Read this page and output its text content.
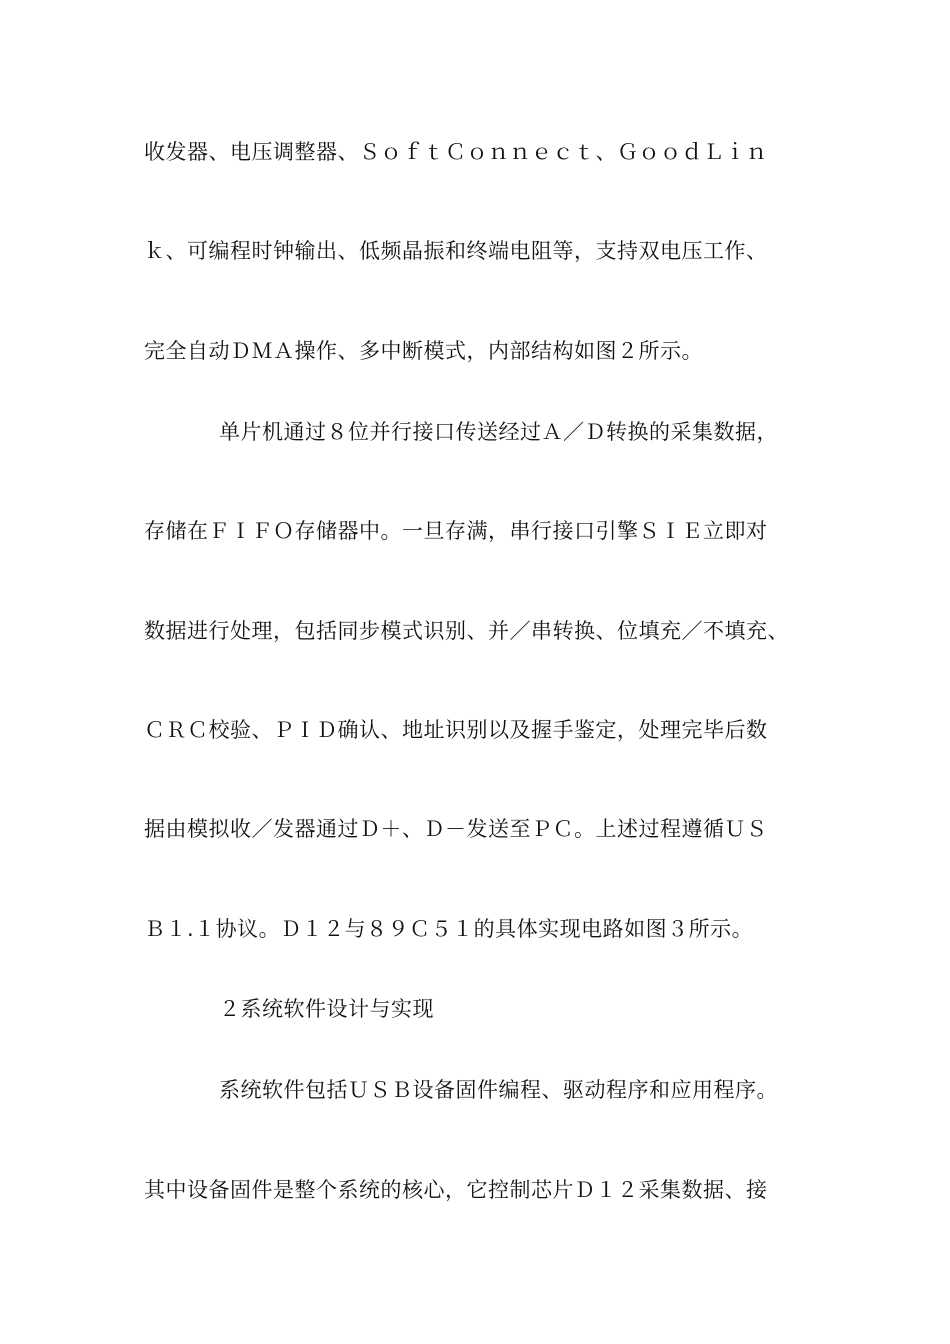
收发器、电压调整器、ＳｏｆｔＣｏｎｎｅｃｔ、ＧｏｏｄＬｉｎ
ｋ、可编程时钟输出、低频晶振和终端电阻等，支持双电压工作、
完全自动ＤＭＡ操作、多中断模式，内部结构如图２所示。
单片机通过８位并行接口传送经过Ａ／Ｄ转换的采集数据，
存储在ＦＩＦＯ存储器中。一旦存满，串行接口引擎ＳＩＥ立即对
数据进行处理，包括同步模式识别、并／串转换、位填充／不填充、
ＣＲＣ校验、ＰＩＤ确认、地址识别以及握手鉴定，处理完毕后数
据由模拟收／发器通过Ｄ＋、Ｄ－发送至ＰＣ。上述过程遵循ＵＳ
Ｂ１.１协议。Ｄ１２与８９Ｃ５１的具体实现电路如图３所示。
２系统软件设计与实现
系统软件包括ＵＳＢ设备固件编程、驱动程序和应用程序。
其中设备固件是整个系统的核心，它控制芯片Ｄ１２采集数据、接
